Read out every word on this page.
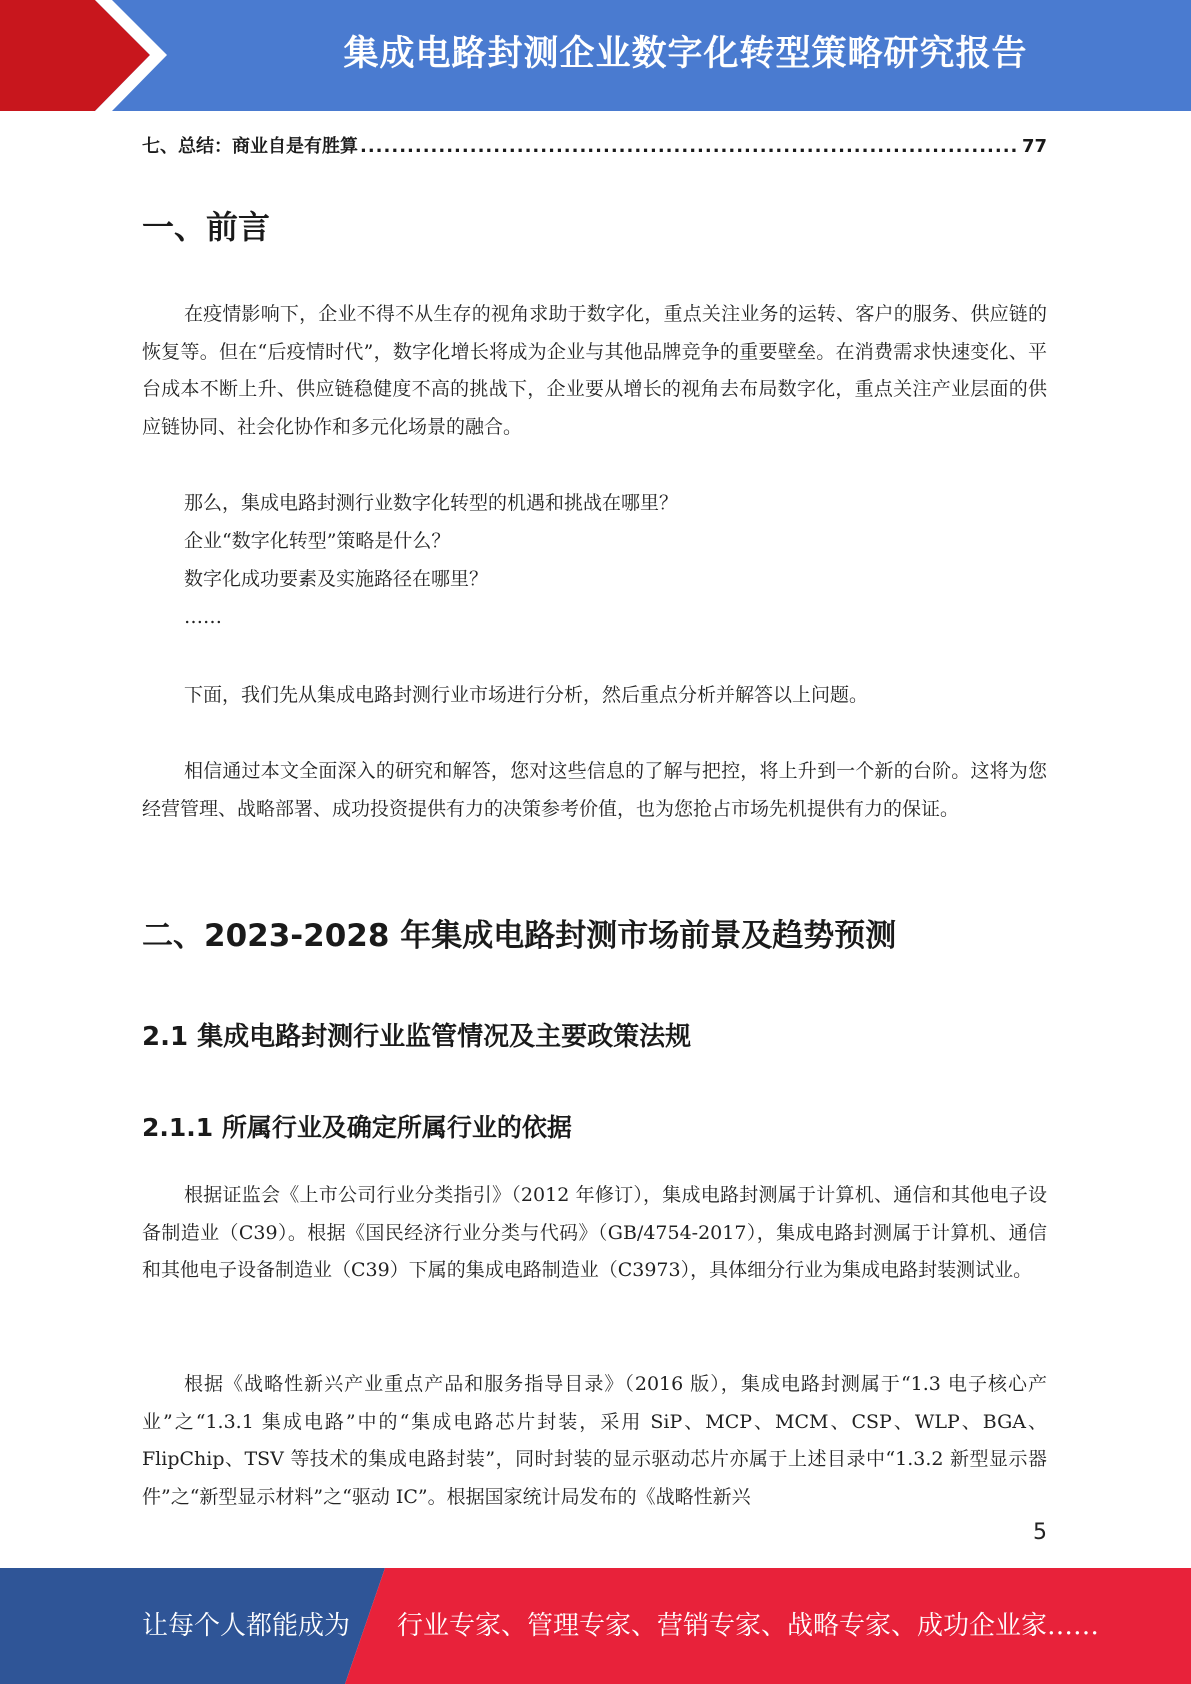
集成电路封测企业数字化转型策略研究报告
七、总结：商业自是有胜算
.....	77
一、前言

在疫情影响下，企业不得不从生存的视角求助于数字化，重点关注业务的运转、客户的服务、供应链的恢复等。但在“后疫情时代”，数字化增长将成为企业与其他品牌竞争的重要壁垒。在消费需求快速变化、平台成本不断上升、供应链稳健度不高的挑战下，企业要从增长的视角去布局数字化，重点关注产业层面的供应链协同、社会化协作和多元化场景的融合。

那么，集成电路封测行业数字化转型的机遇和挑战在哪里？

企业“数字化转型”策略是什么？

数字化成功要素及实施路径在哪里？

……

下面，我们先从集成电路封测行业市场进行分析，然后重点分析并解答以上问题。

相信通过本文全面深入的研究和解答，您对这些信息的了解与把控，将上升到一个新的台阶。这将为您经营管理、战略部署、成功投资提供有力的决策参考价值，也为您抢占市场先机提供有力的保证。

二、2023-2028 年集成电路封测市场前景及趋势预测
2.1 集成电路封测行业监管情况及主要政策法规
2.1.1 所属行业及确定所属行业的依据

根据证监会《上市公司行业分类指引》（2012 年修订），集成电路封测属于计算机、通信和其他电子设备制造业（C39）。根据《国民经济行业分类与代码》（GB/4754-2017），集成电路封测属于计算机、通信和其他电子设备制造业（C39）下属的集成电路制造业（C3973），具体细分行业为集成电路封装测试业。

根据《战略性新兴产业重点产品和服务指导目录》（2016 版），集成电路封测属于“1.3 电子核心产业”之“1.3.1 集成电路”中的“集成电路芯片封装，采用 SiP、MCP、MCM、CSP、WLP、BGA、FlipChip、TSV 等技术的集成电路封装”，同时封装的显示驱动芯片亦属于上述目录中“1.3.2 新型显示器件”之“新型显示材料”之“驱动 IC”。根据国家统计局发布的《战略性新兴

5
让每个人都能成为 行业专家、管理专家、营销专家、战略专家、成功企业家……
